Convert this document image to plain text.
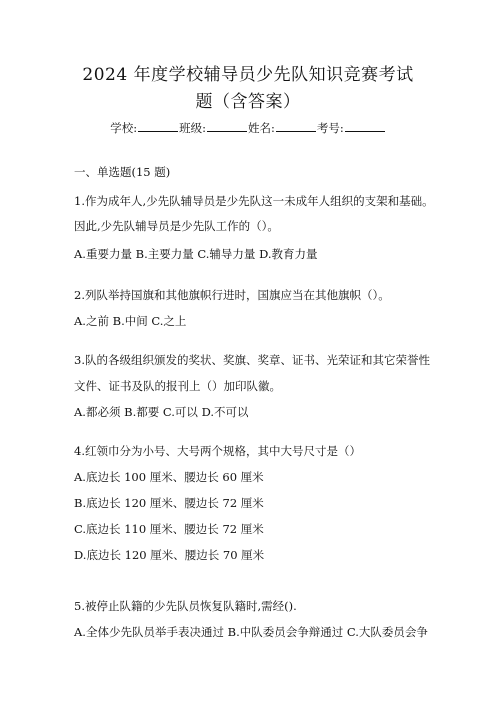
2024 年度学校辅导员少先队知识竞赛考试
题（含答案）
学校:	班级:	姓名:	考号:
一、单选题(15 题)
1.作为成年人,少先队辅导员是少先队这一未成年人组织的支架和基础。
因此,少先队辅导员是少先队工作的（）。
A.重要力量 B.主要力量 C.辅导力量 D.教育力量
2.列队举持国旗和其他旗帜行进时，国旗应当在其他旗帜（）。
A.之前 B.中间 C.之上
3.队的各级组织颁发的奖状、奖旗、奖章、证书、光荣证和其它荣誉性
文件、证书及队的报刊上（）加印队徽。
A.都必须 B.都要 C.可以 D.不可以
4.红领巾分为小号、大号两个规格，其中大号尺寸是（）
A.底边长 100 厘米、腰边长 60 厘米
B.底边长 120 厘米、腰边长 72 厘米
C.底边长 110 厘米、腰边长 72 厘米
D.底边长 120 厘米、腰边长 70 厘米
5.被停止队籍的少先队员恢复队籍时,需经().
A.全体少先队员举手表决通过 B.中队委员会争辩通过 C.大队委员会争
